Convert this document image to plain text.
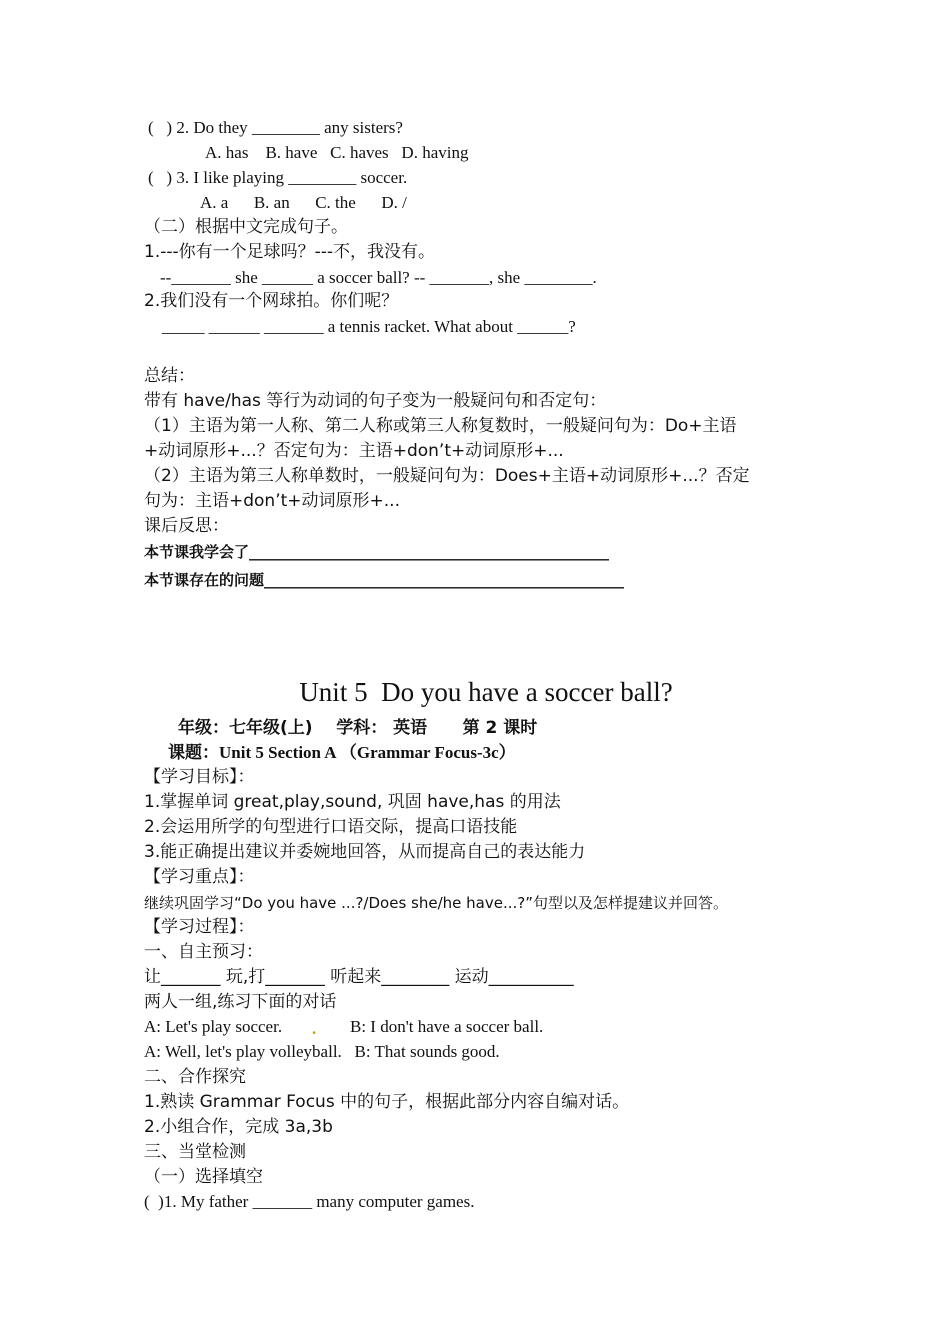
(   ) 2. Do they ________ any sisters?
A. has    B. have   C. haves   D. having
(   ) 3. I like playing ________ soccer.
A. a      B. an      C. the      D. /
（二）根据中文完成句子。
1.---你有一个足球吗？---不，我没有。
--_______ she ______ a soccer ball? -- _______, she ________.
2.我们没有一个网球拍。你们呢？
_____ ______ _______ a tennis racket. What about ______?
总结：
带有 have/has 等行为动词的句子变为一般疑问句和否定句：
（1）主语为第一人称、第二人称或第三人称复数时，一般疑问句为：Do+主语
+动词原形+...？否定句为：主语+don’t+动词原形+...
（2）主语为第三人称单数时，一般疑问句为：Does+主语+动词原形+...？否定
句为：主语+don’t+动词原形+...
课后反思：
本节课我学会了________________________________________________
本节课存在的问题________________________________________________
Unit 5  Do you have a soccer ball?
年级：七年级(上)    学科： 英语      第 2 课时
课题：Unit 5 Section A （Grammar Focus-3c）
【学习目标】：
1.掌握单词 great,play,sound, 巩固 have,has 的用法
2.会运用所学的句型进行口语交际，提高口语技能
3.能正确提出建议并委婉地回答，从而提高自己的表达能力
【学习重点】：
继续巩固学习“Do you have ...?/Does she/he have...?”句型以及怎样提建议并回答。
【学习过程】：
一、自主预习：
让_______ 玩,打_______ 听起来________ 运动__________
两人一组,练习下面的对话
A: Let's play soccer. . B: I don't have a soccer ball.
A: Well, let's play volleyball.   B: That sounds good.
二、合作探究
1.熟读 Grammar Focus 中的句子，根据此部分内容自编对话。
2.小组合作，完成 3a,3b
三、当堂检测
（一）选择填空
(  )1. My father _______ many computer games.
